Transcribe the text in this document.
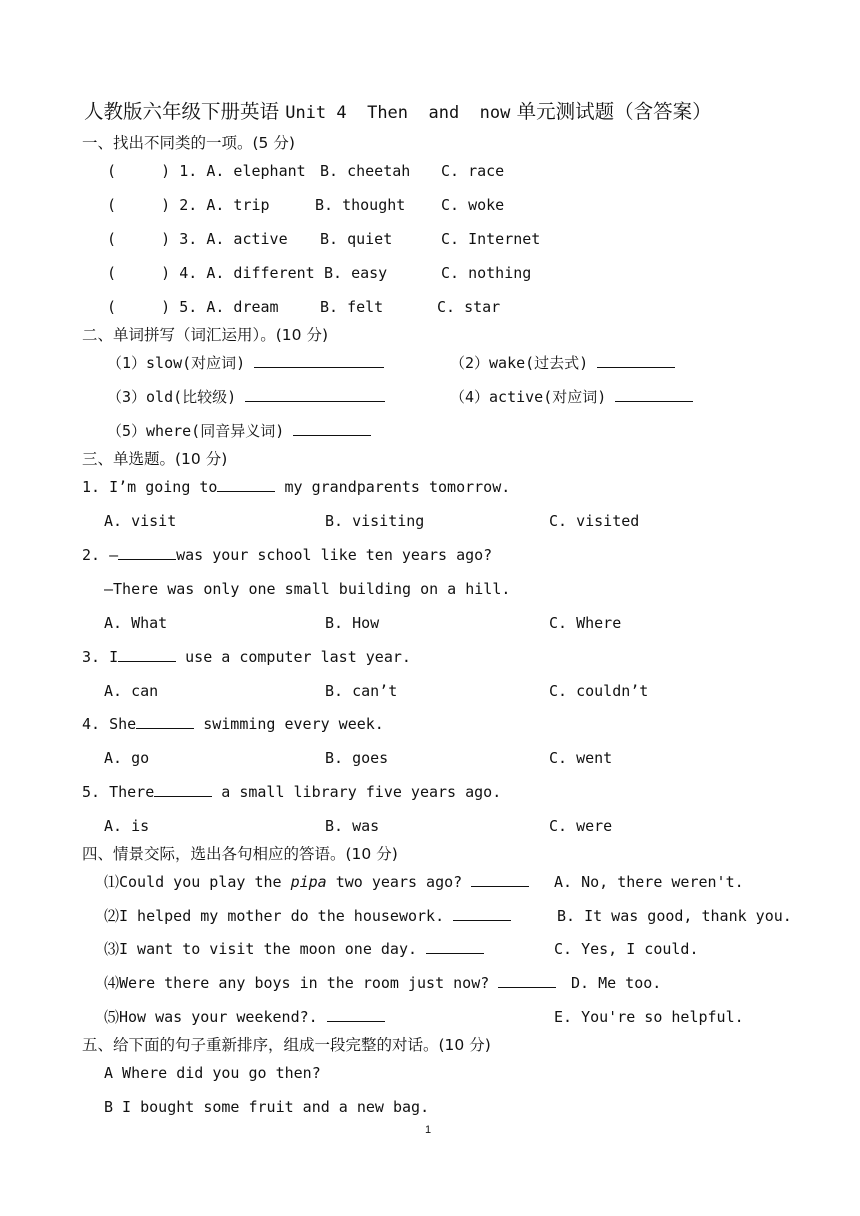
人教版六年级下册英语 Unit 4  Then  and  now 单元测试题（含答案）
一、找出不同类的一项。(5 分)
(     ) 1. A. elephant B. cheetah C. race
(     ) 2. A. trip	B. thought C. woke
(     ) 3. A. active B. quiet	C. Internet
(     ) 4. A. different B. easy	C. nothing
(     ) 5. A. dream	B. felt	C. star
二、单词拼写（词汇运用）。(10 分)
（1）slow(对应词)	（2）wake(过去式)
（3）old(比较级)	（4）active(对应词)
（5）where(同音异义词)
三、单选题。(10 分)
1. I’m going to	my grandparents tomorrow.
A. visit	B. visiting	C. visited
2. —	was your school like ten years ago?
—There was only one small building on a hill.
A. What	B. How	C. Where
3. I	use a computer last year.
A. can	B. can’t	C. couldn’t
4. She	swimming every week.
A. go	B. goes	C. went
5. There	a small library five years ago.
A. is	B. was	C. were
四、情景交际，选出各句相应的答语。(10 分)
⑴Could you play the pipa two years ago?	A. No, there weren't.
⑵I helped my mother do the housework.	B. It was good, thank you.
⑶I want to visit the moon one day.	C. Yes, I could.
⑷Were there any boys in the room just now?	D. Me too.
⑸How was your weekend?.	E. You're so helpful.
五、给下面的句子重新排序，组成一段完整的对话。(10 分)
A Where did you go then?
B I bought some fruit and a new bag.
1
